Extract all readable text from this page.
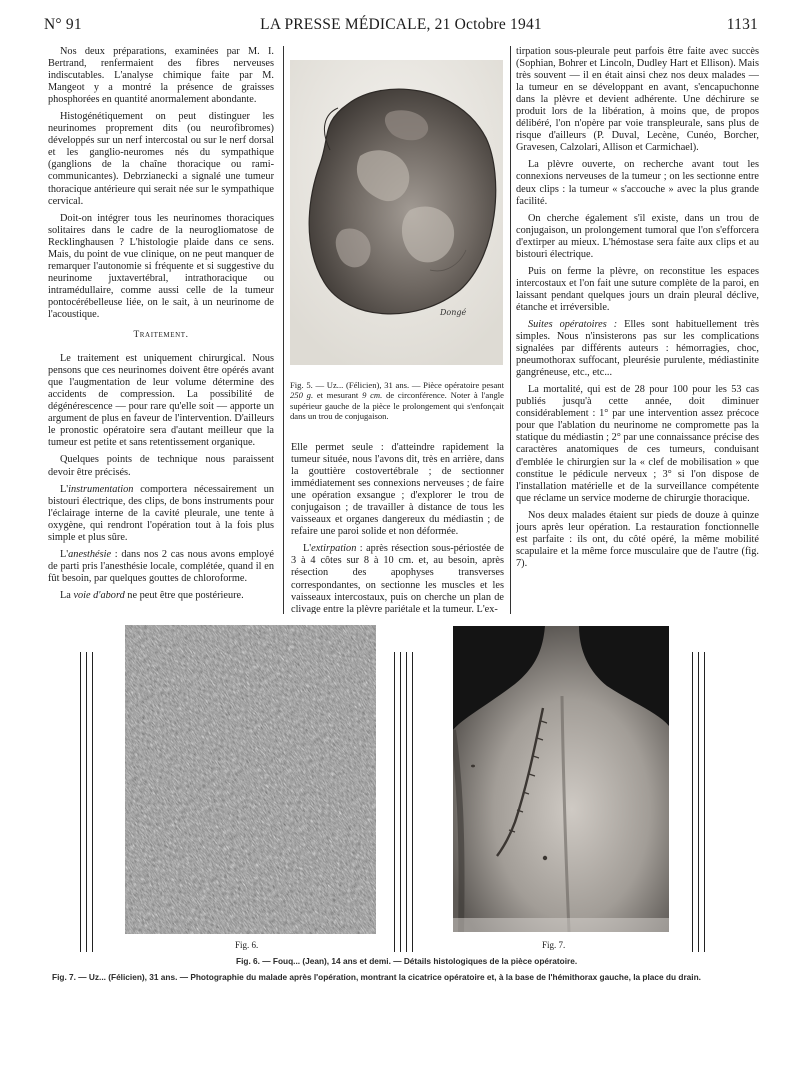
N° 91	LA PRESSE MÉDICALE, 21 Octobre 1941	1131

Nos deux préparations, examinées par M. I. Bertrand, renfermaient des fibres nerveuses indiscutables. L'analyse chimique faite par M. Mangeot y a montré la présence de graisses phosphorées en quantité anormalement abondante.

Histogénétiquement on peut distinguer les neurinomes proprement dits (ou neurofibromes) développés sur un nerf intercostal ou sur le nerf dorsal et les ganglio-neuromes nés du sympathique (ganglions de la chaîne thoracique ou rami-communicantes). Debrzianecki a signalé une tumeur thoracique antérieure qui serait née sur le sympathique cervical.

Doit-on intégrer tous les neurinomes thoraciques solitaires dans le cadre de la neurogliomatose de Recklinghausen ? L'histologie plaide dans ce sens. Mais, du point de vue clinique, on ne peut manquer de remarquer l'autonomie si fréquente et si suggestive du neurinome juxtavertébral, intrathoracique ou intramédullaire, comme aussi celle de la tumeur pontocérébelleuse liée, on le sait, à un neurinome de l'acoustique.

Traitement.

Le traitement est uniquement chirurgical. Nous pensons que ces neurinomes doivent être opérés avant que l'augmentation de leur volume détermine des accidents de compression. La possibilité de dégénérescence — pour rare qu'elle soit — apporte un argument de plus en faveur de l'intervention. D'ailleurs le pronostic opératoire sera d'autant meilleur que la tumeur est petite et sans retentissement organique.

Quelques points de technique nous paraissent devoir être précisés.

L'instrumentation comportera nécessairement un bistouri électrique, des clips, de bons instruments pour l'éclairage interne de la cavité pleurale, une tente à oxygène, qui rendront l'opération tout à la fois plus simple et plus sûre.

L'anesthésie : dans nos 2 cas nous avons employé de parti pris l'anesthésie locale, complétée, quand il en fût besoin, par quelques gouttes de chloroforme.

La voie d'abord ne peut être que postérieure.

Dongé
Fig. 5. — Uz... (Félicien), 31 ans. — Pièce opératoire pesant 250 g. et mesurant 9 cm. de circonférence. Noter à l'angle supérieur gauche de la pièce le prolongement qui s'enfonçait dans un trou de conjugaison.

Elle permet seule : d'atteindre rapidement la tumeur située, nous l'avons dit, très en arrière, dans la gouttière costovertébrale ; de sectionner immédiatement ses connexions nerveuses ; de faire une opération exsangue ; d'explorer le trou de conjugaison ; de travailler à distance de tous les vaisseaux et organes dangereux du médiastin ; de refaire une paroi solide et non déformée.

L'extirpation : après résection sous-périostée de 3 à 4 côtes sur 8 à 10 cm. et, au besoin, après résection des apophyses transverses correspondantes, on sectionne les muscles et les vaisseaux intercostaux, puis on cherche un plan de clivage entre la plèvre pariétale et la tumeur. L'ex-

tirpation sous-pleurale peut parfois être faite avec succès (Sophian, Bohrer et Lincoln, Dudley Hart et Ellison). Mais très souvent — il en était ainsi chez nos deux malades — la tumeur en se développant en avant, s'encapuchonne dans la plèvre et devient adhérente. Une déchirure se produit lors de la libération, à moins que, de propos délibéré, l'on n'opère par voie transpleurale, sans plus de risque d'ailleurs (P. Duval, Lecène, Cunéo, Borcher, Gravesen, Calzolari, Allison et Carmichael).

La plèvre ouverte, on recherche avant tout les connexions nerveuses de la tumeur ; on les sectionne entre deux clips : la tumeur « s'accouche » avec la plus grande facilité.

On cherche également s'il existe, dans un trou de conjugaison, un prolongement tumoral que l'on s'efforcera d'extirper au mieux. L'hémostase sera faite aux clips et au bistouri électrique.

Puis on ferme la plèvre, on reconstitue les espaces intercostaux et l'on fait une suture complète de la paroi, en laissant pendant quelques jours un drain pleural déclive, étanche et irréversible.

Suites opératoires : Elles sont habituellement très simples. Nous n'insisterons pas sur les complications signalées par différents auteurs : hémorragies, choc, pneumothorax suffocant, pleurésie purulente, médiastinite gangréneuse, etc., etc...

La mortalité, qui est de 28 pour 100 pour les 53 cas publiés jusqu'à cette année, doit diminuer considérablement : 1° par une intervention assez précoce pour que l'ablation du neurinome ne compromette pas la statique du médiastin ; 2° par une connaissance précise des caractères anatomiques de ces tumeurs, conduisant d'emblée le chirurgien sur la « clef de mobilisation » que constitue le pédicule nerveux ; 3° si l'on dispose de l'installation matérielle et de la surveillance compétente que réclame un service moderne de chirurgie thoracique.

Nos deux malades étaient sur pieds de douze à quinze jours après leur opération. La restauration fonctionnelle est parfaite : ils ont, du côté opéré, la même mobilité scapulaire et la même force musculaire que de l'autre (fig. 7).

Fig. 6.	Fig. 7.
Fig. 6. — Fouq... (Jean), 14 ans et demi. — Détails histologiques de la pièce opératoire.
Fig. 7. — Uz... (Félicien), 31 ans. — Photographie du malade après l'opération, montrant la cicatrice opératoire et, à la base de l'hémithorax gauche, la place du drain.
